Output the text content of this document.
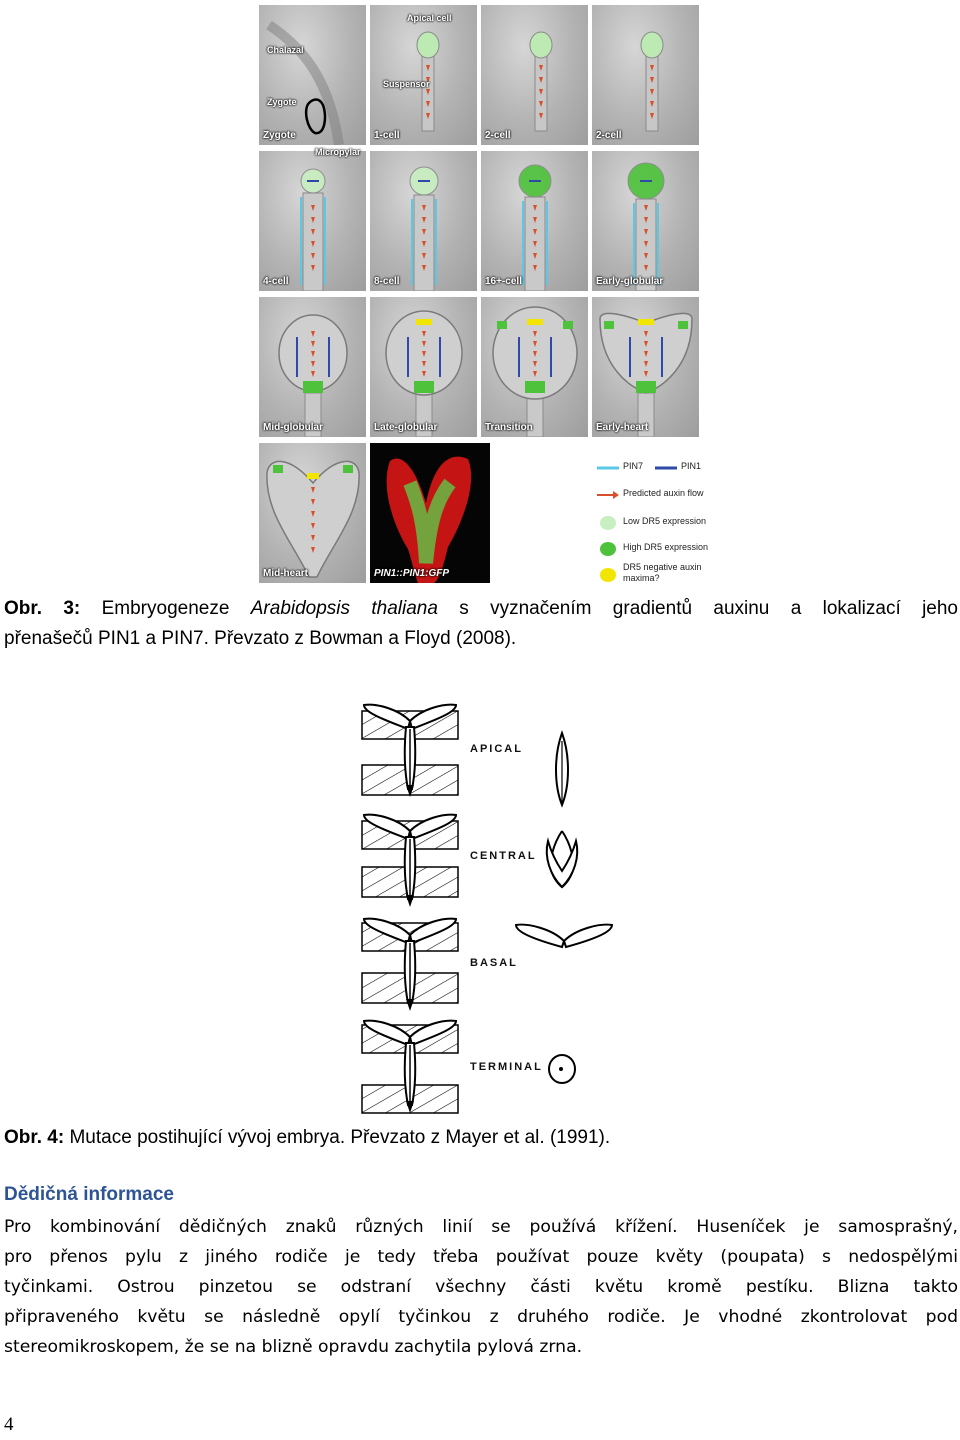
Zygote	1-cell	2-cell	2-cell
4-cell	8-cell	16+-cell	Early-globular
Mid-globular	Late-globular	Transition	Early-heart
Mid-heart	PIN1::PIN1:GFP
Chalazal
Zygote
Micropylar
Apical cell
Suspensor
PIN7	PIN1
Predicted auxin flow
Low DR5 expression
High DR5 expression
DR5 negative auxin
maxima?
Obr. 3: Embryogeneze Arabidopsis thaliana s vyznačením gradientů auxinu a lokalizací jeho
přenašečů PIN1 a PIN7. Převzato z Bowman a Floyd (2008).
APICAL
CENTRAL
BASAL
TERMINAL
Obr. 4: Mutace postihující vývoj embrya. Převzato z Mayer et al. (1991).
Dědičná informace
Pro kombinování dědičných znaků různých linií se používá křížení. Huseníček je samosprašný,
pro přenos pylu z jiného rodiče je tedy třeba používat pouze květy (poupata) s nedospělými
tyčinkami. Ostrou pinzetou se odstraní všechny části květu kromě pestíku. Blizna takto
připraveného květu se následně opylí tyčinkou z druhého rodiče. Je vhodné zkontrolovat pod
stereomikroskopem, že se na blizně opravdu zachytila pylová zrna.
4
